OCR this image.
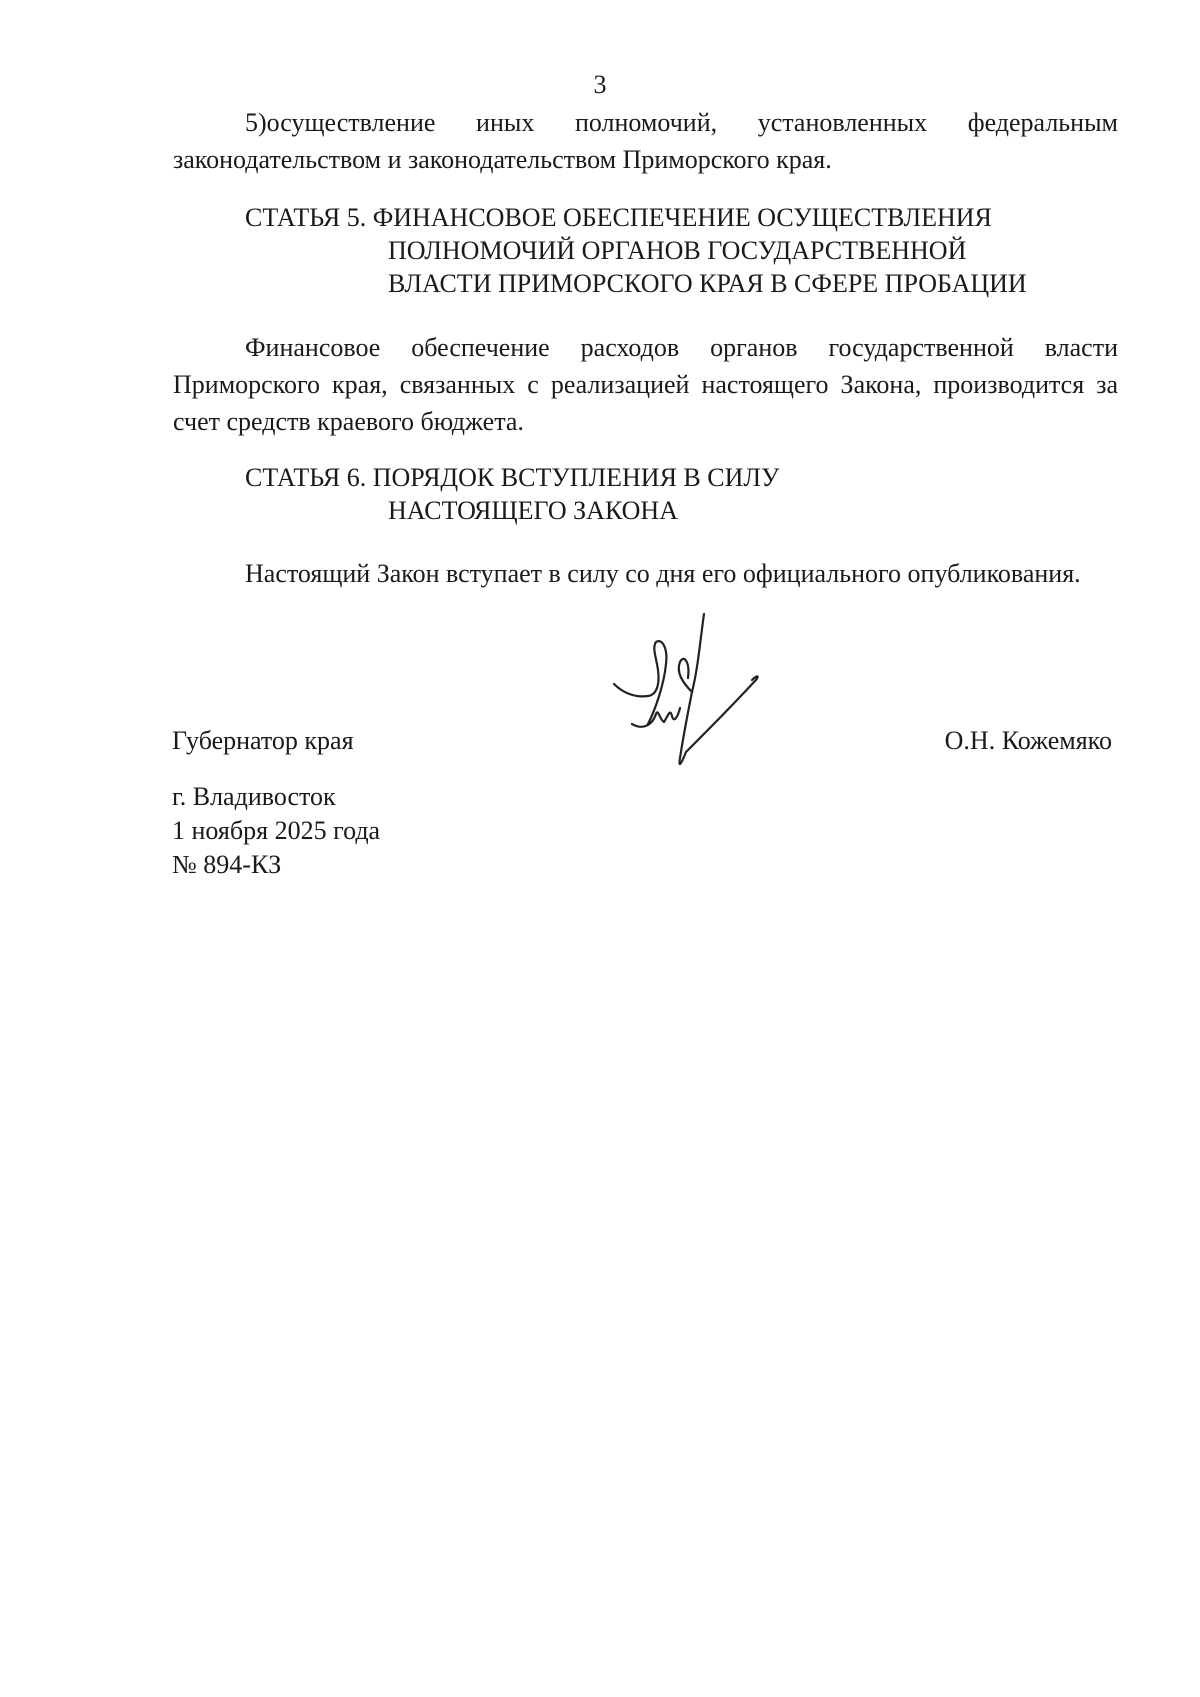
3
5)осуществление иных полномочий, установленных федеральным законодательством и законодательством Приморского края.
СТАТЬЯ 5. ФИНАНСОВОЕ ОБЕСПЕЧЕНИЕ ОСУЩЕСТВЛЕНИЯ
ПОЛНОМОЧИЙ ОРГАНОВ ГОСУДАРСТВЕННОЙ
ВЛАСТИ ПРИМОРСКОГО КРАЯ В СФЕРЕ ПРОБАЦИИ
Финансовое обеспечение расходов органов государственной власти Приморского края, связанных с реализацией настоящего Закона, производится за счет средств краевого бюджета.
СТАТЬЯ 6. ПОРЯДОК ВСТУПЛЕНИЯ В СИЛУ
НАСТОЯЩЕГО ЗАКОНА
Настоящий Закон вступает в силу со дня его официального опубликования.
Губернатор края	О.Н. Кожемяко
г. Владивосток
1 ноября 2025 года
№ 894-КЗ
